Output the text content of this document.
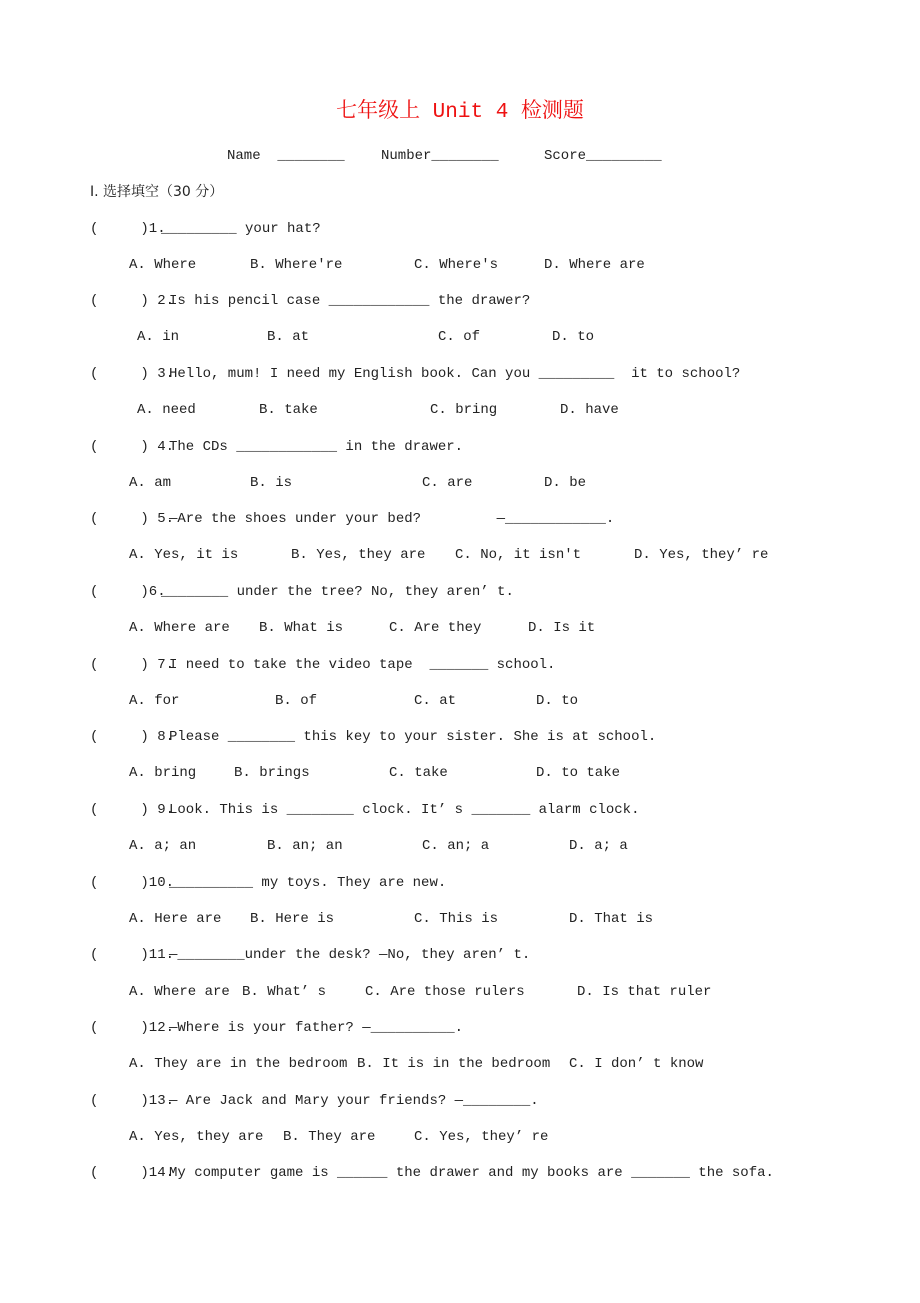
七年级上 Unit 4 检测题
Name  ________	Number________	Score_________
I. 选择填空（30 分）
(     )1.
_________ your hat?
A. Where	B. Where're	C. Where's	D. Where are
(     ) 2.
Is his pencil case ____________ the drawer?
A. in	B. at	C. of	D. to
(     ) 3.
Hello, mum! I need my English book. Can you _________  it to school?
A. need	B. take	C. bring	D. have
(     ) 4.
The CDs ____________ in the drawer.
A. am	B. is	C. are	D. be
(     ) 5.
—Are the shoes under your bed?         —____________.
A. Yes, it is	B. Yes, they are C. No, it isn't	D. Yes, they’ re
(     )6.
________ under the tree? No, they aren’ t.
A. Where are B. What is	C. Are they	D. Is it
(     ) 7.
I need to take the video tape  _______ school.
A. for	B. of	C. at	D. to
(     ) 8.
Please ________ this key to your sister. She is at school.
A. bring	B. brings	C. take	D. to take
(     ) 9.
Look. This is ________ clock. It’ s _______ alarm clock.
A. a; an	B. an; an	C. an; a	D. a; a
(     )10.
__________ my toys. They are new.
A. Here are B. Here is	C. This is	D. That is
(     )11.
—________under the desk? —No, they aren’ t.
A. Where are B. What’ s	C. Are those rulers	D. Is that ruler
(     )12.
—Where is your father? —__________.
A. They are in the bedroom B. It is in the bedroom C. I don’ t know
(     )13.
— Are Jack and Mary your friends? —________.
A. Yes, they are B. They are	C. Yes, they’ re
(     )14.
My computer game is ______ the drawer and my books are _______ the sofa.
